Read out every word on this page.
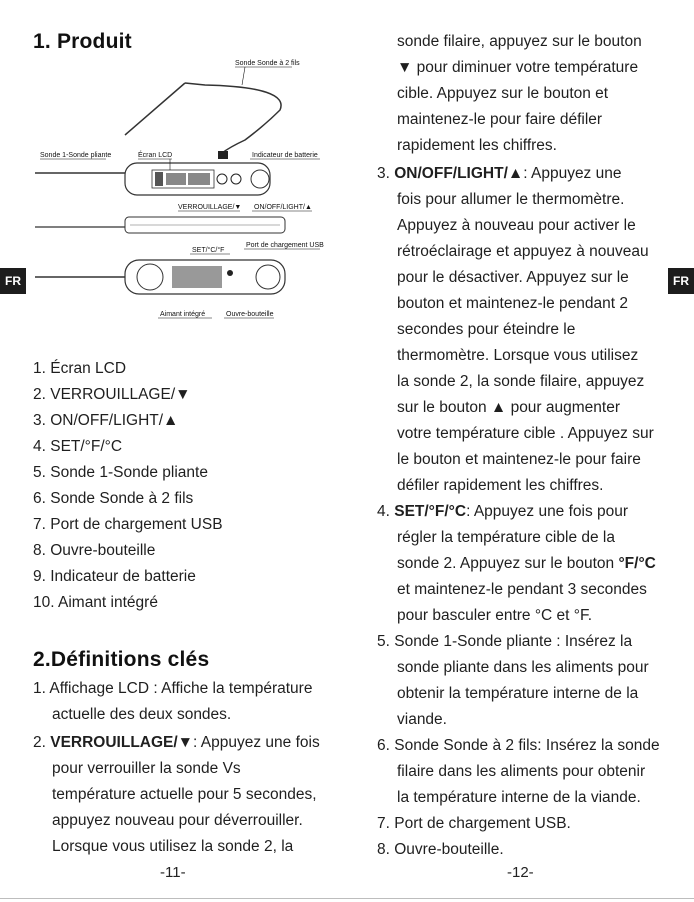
1. Produit
Sonde Sonde à 2 fils
Sonde 1-Sonde pliante	Écran LCD	Indicateur de batterie
VERROUILLAGE/▼ ON/OFF/LIGHT/▲
SET/°C/°F
Port de chargement USB
Aimant intégré	Ouvre-bouteille
FR
1. Écran LCD
2. VERROUILLAGE/▼
3. ON/OFF/LIGHT/▲
4. SET/°F/°C
5. Sonde 1-Sonde pliante
6. Sonde Sonde à 2 fils
7. Port de chargement USB
8. Ouvre-bouteille
9. Indicateur de batterie
10. Aimant intégré
2.Définitions clés
1. Affichage LCD : Affiche la température
actuelle des deux sondes.
2. VERROUILLAGE/▼: Appuyez une fois
pour verrouiller la sonde Vs
température actuelle pour 5 secondes,
appuyez nouveau pour déverrouiller.
Lorsque vous utilisez la sonde 2, la
-11-
sonde filaire, appuyez sur le bouton
▼ pour diminuer votre température
cible. Appuyez sur le bouton et
maintenez-le pour faire défiler
rapidement les chiffres.
3. ON/OFF/LIGHT/▲: Appuyez une
fois pour allumer le thermomètre.
Appuyez à nouveau pour activer le
rétroéclairage et appuyez à nouveau
pour le désactiver. Appuyez sur le
bouton et maintenez-le pendant 2
secondes pour éteindre le
thermomètre. Lorsque vous utilisez
la sonde 2, la sonde filaire, appuyez
sur le bouton ▲ pour augmenter
votre température cible . Appuyez sur
le bouton et maintenez-le pour faire
défiler rapidement les chiffres.
4. SET/°F/°C: Appuyez une fois pour
régler la température cible de la
sonde 2. Appuyez sur le bouton °F/°C
et maintenez-le pendant 3 secondes
pour basculer entre °C et °F.
5. Sonde 1-Sonde pliante : Insérez la
sonde pliante dans les aliments pour
obtenir la température interne de la
viande.
6. Sonde Sonde à 2 fils: Insérez la sonde
filaire dans les aliments pour obtenir
la température interne de la viande.
7. Port de chargement USB.
8. Ouvre-bouteille.
-12-
FR
